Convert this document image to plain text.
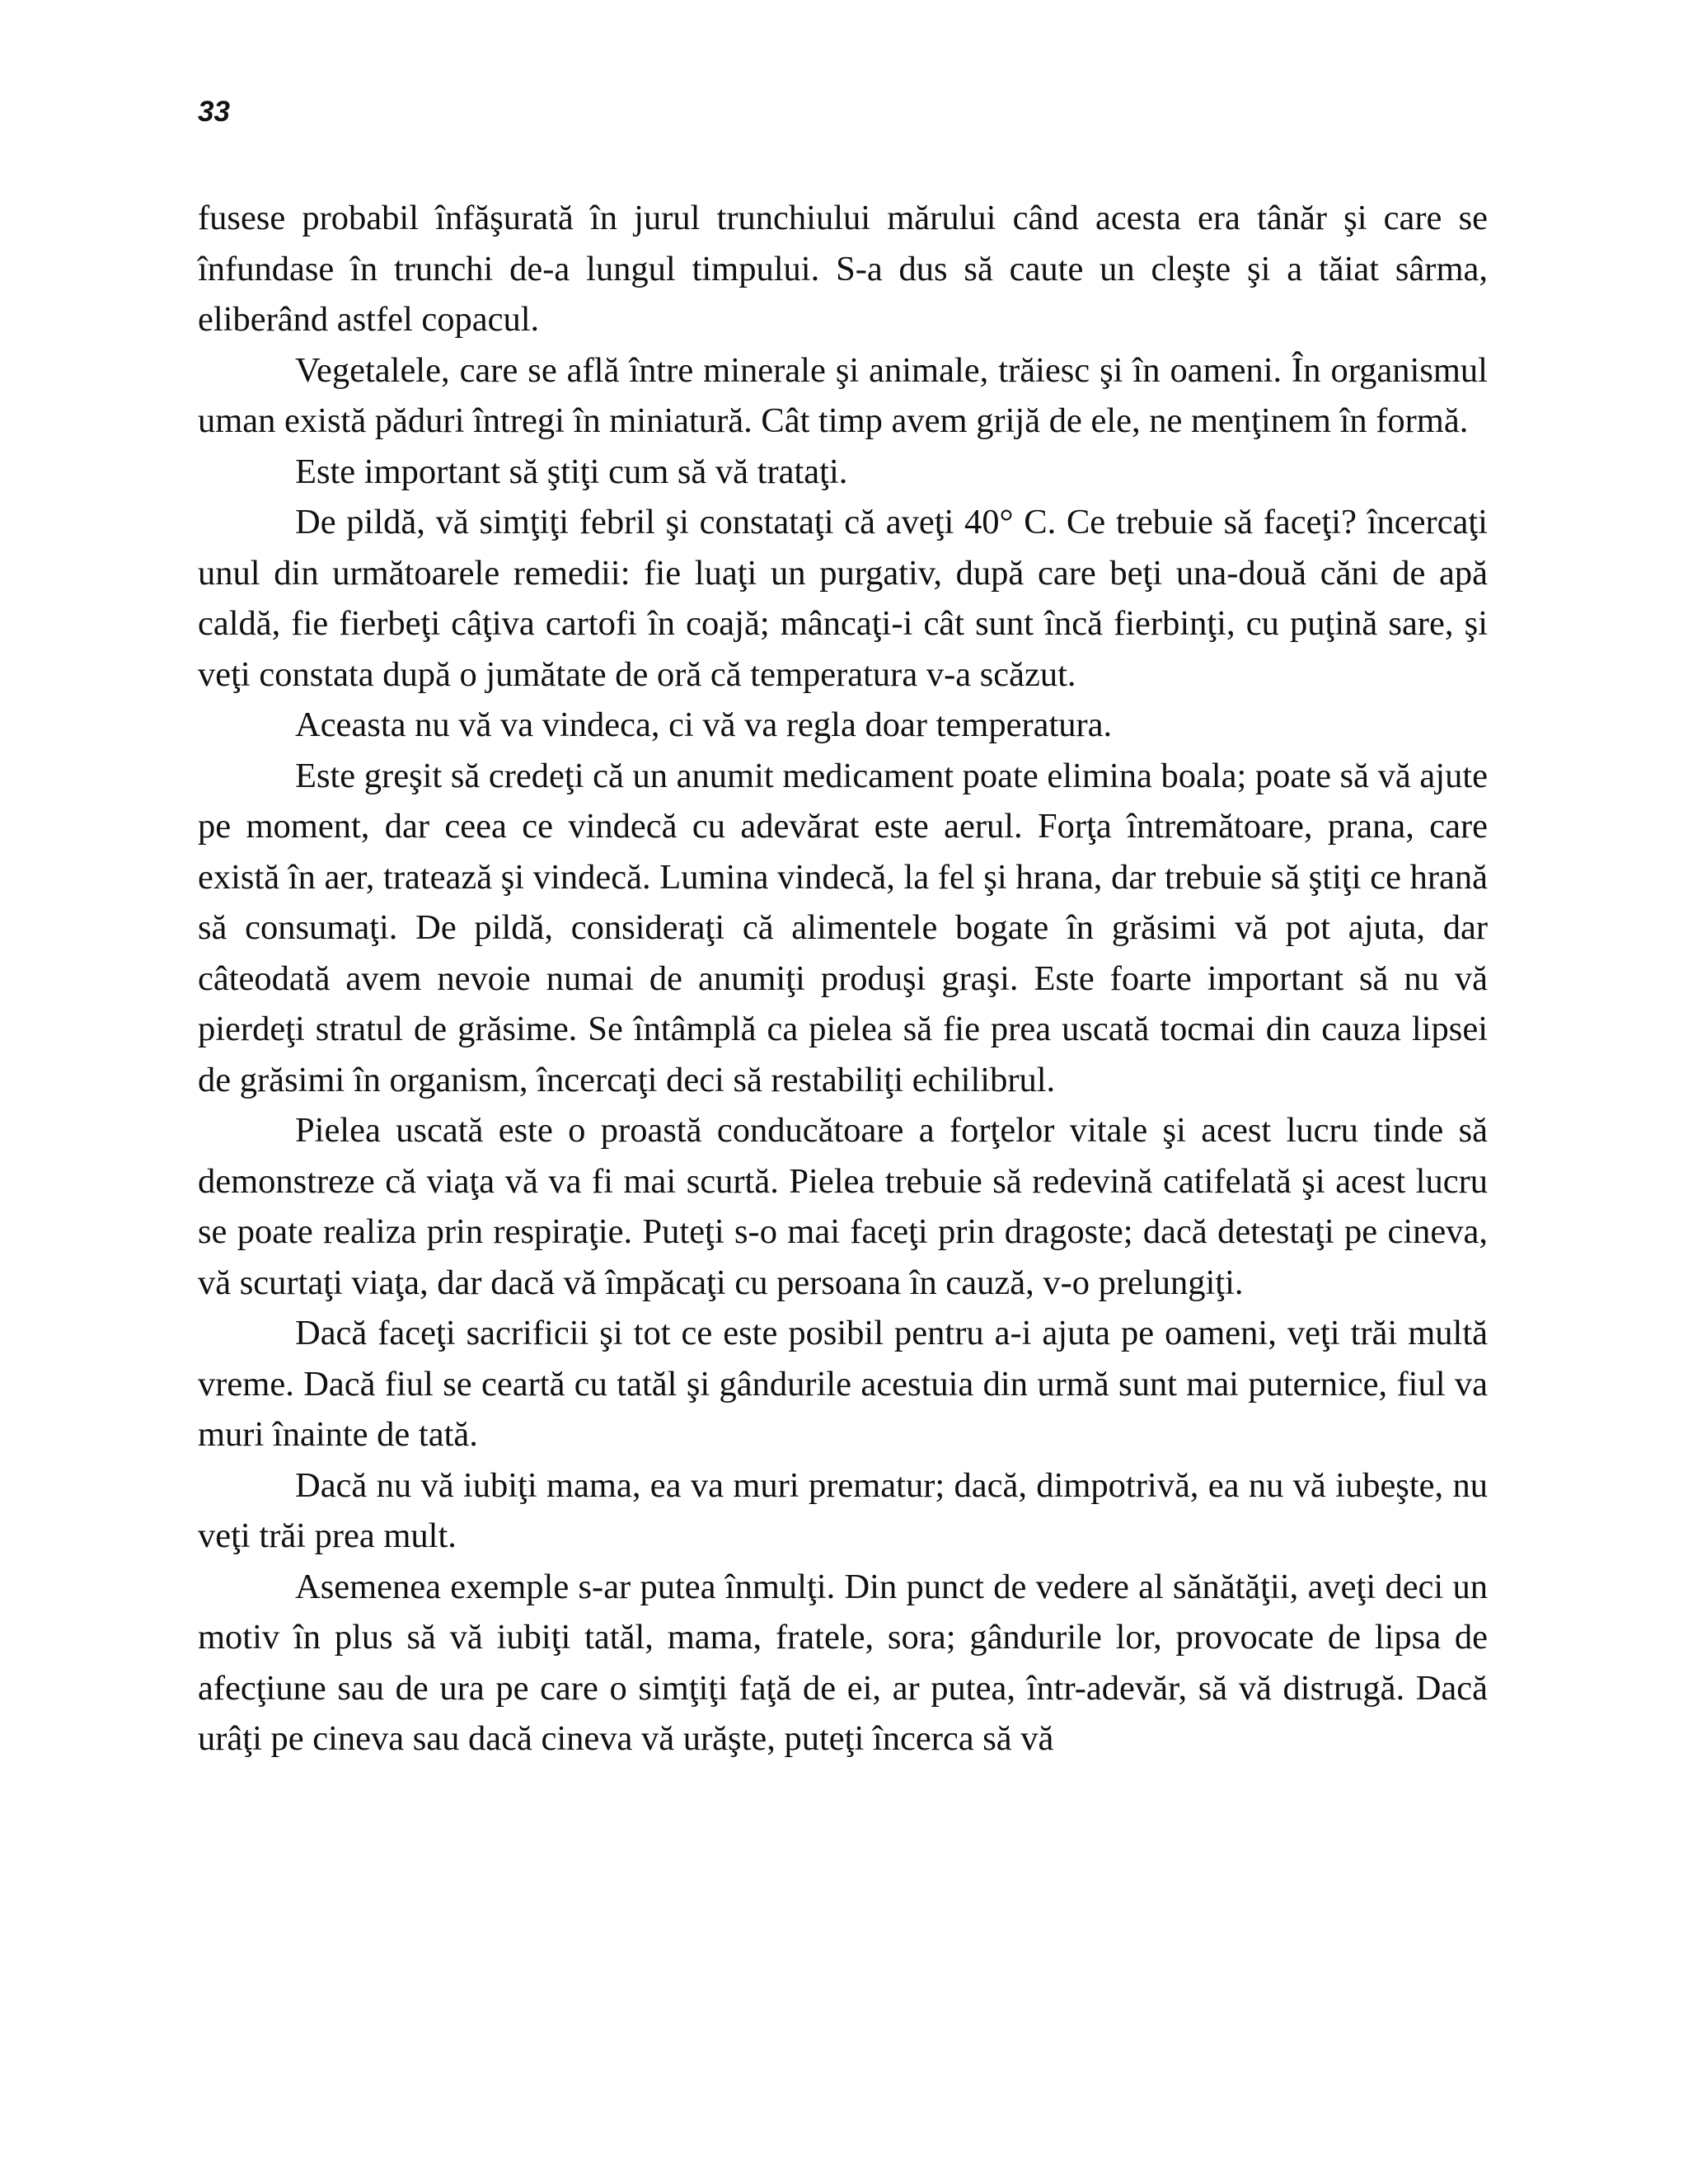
33

fusese probabil înfăşurată în jurul trunchiului mărului când acesta era tânăr şi care se înfundase în trunchi de-a lungul timpului. S-a dus să caute un cleşte şi a tăiat sârma, eliberând astfel copacul.

Vegetalele, care se află între minerale şi animale, trăiesc şi în oameni. În organismul uman există păduri întregi în miniatură. Cât timp avem grijă de ele, ne menţinem în formă.

Este important să ştiţi cum să vă trataţi.

De pildă, vă simţiţi febril şi constataţi că aveţi 40° C. Ce trebuie să faceţi? încercaţi unul din următoarele remedii: fie luaţi un purgativ, după care beţi una-două căni de apă caldă, fie fierbeţi câţiva cartofi în coajă; mâncaţi-i cât sunt încă fierbinţi, cu puţină sare, şi veţi constata după o jumătate de oră că temperatura v-a scăzut.

Aceasta nu vă va vindeca, ci vă va regla doar temperatura.

Este greşit să credeţi că un anumit medicament poate elimina boala; poate să vă ajute pe moment, dar ceea ce vindecă cu adevărat este aerul. Forţa întremătoare, prana, care există în aer, tratează şi vindecă. Lumina vindecă, la fel şi hrana, dar trebuie să ştiţi ce hrană să consumaţi. De pildă, consideraţi că alimentele bogate în grăsimi vă pot ajuta, dar câteodată avem nevoie numai de anumiţi produşi graşi. Este foarte important să nu vă pierdeţi stratul de grăsime. Se întâmplă ca pielea să fie prea uscată tocmai din cauza lipsei de grăsimi în organism, încercaţi deci să restabiliţi echilibrul.

Pielea uscată este o proastă conducătoare a forţelor vitale şi acest lucru tinde să demonstreze că viaţa vă va fi mai scurtă. Pielea trebuie să redevină catifelată şi acest lucru se poate realiza prin respiraţie. Puteţi s-o mai faceţi prin dragoste; dacă detestaţi pe cineva, vă scurtaţi viaţa, dar dacă vă împăcaţi cu persoana în cauză, v-o prelungiţi.

Dacă faceţi sacrificii şi tot ce este posibil pentru a-i ajuta pe oameni, veţi trăi multă vreme. Dacă fiul se ceartă cu tatăl şi gândurile acestuia din urmă sunt mai puternice, fiul va muri înainte de tată.

Dacă nu vă iubiţi mama, ea va muri prematur; dacă, dimpotrivă, ea nu vă iubeşte, nu veţi trăi prea mult.

Asemenea exemple s-ar putea înmulţi. Din punct de vedere al sănătăţii, aveţi deci un motiv în plus să vă iubiţi tatăl, mama, fratele, sora; gândurile lor, provocate de lipsa de afecţiune sau de ura pe care o simţiţi faţă de ei, ar putea, într-adevăr, să vă distrugă. Dacă urâţi pe cineva sau dacă cineva vă urăşte, puteţi încerca să vă
